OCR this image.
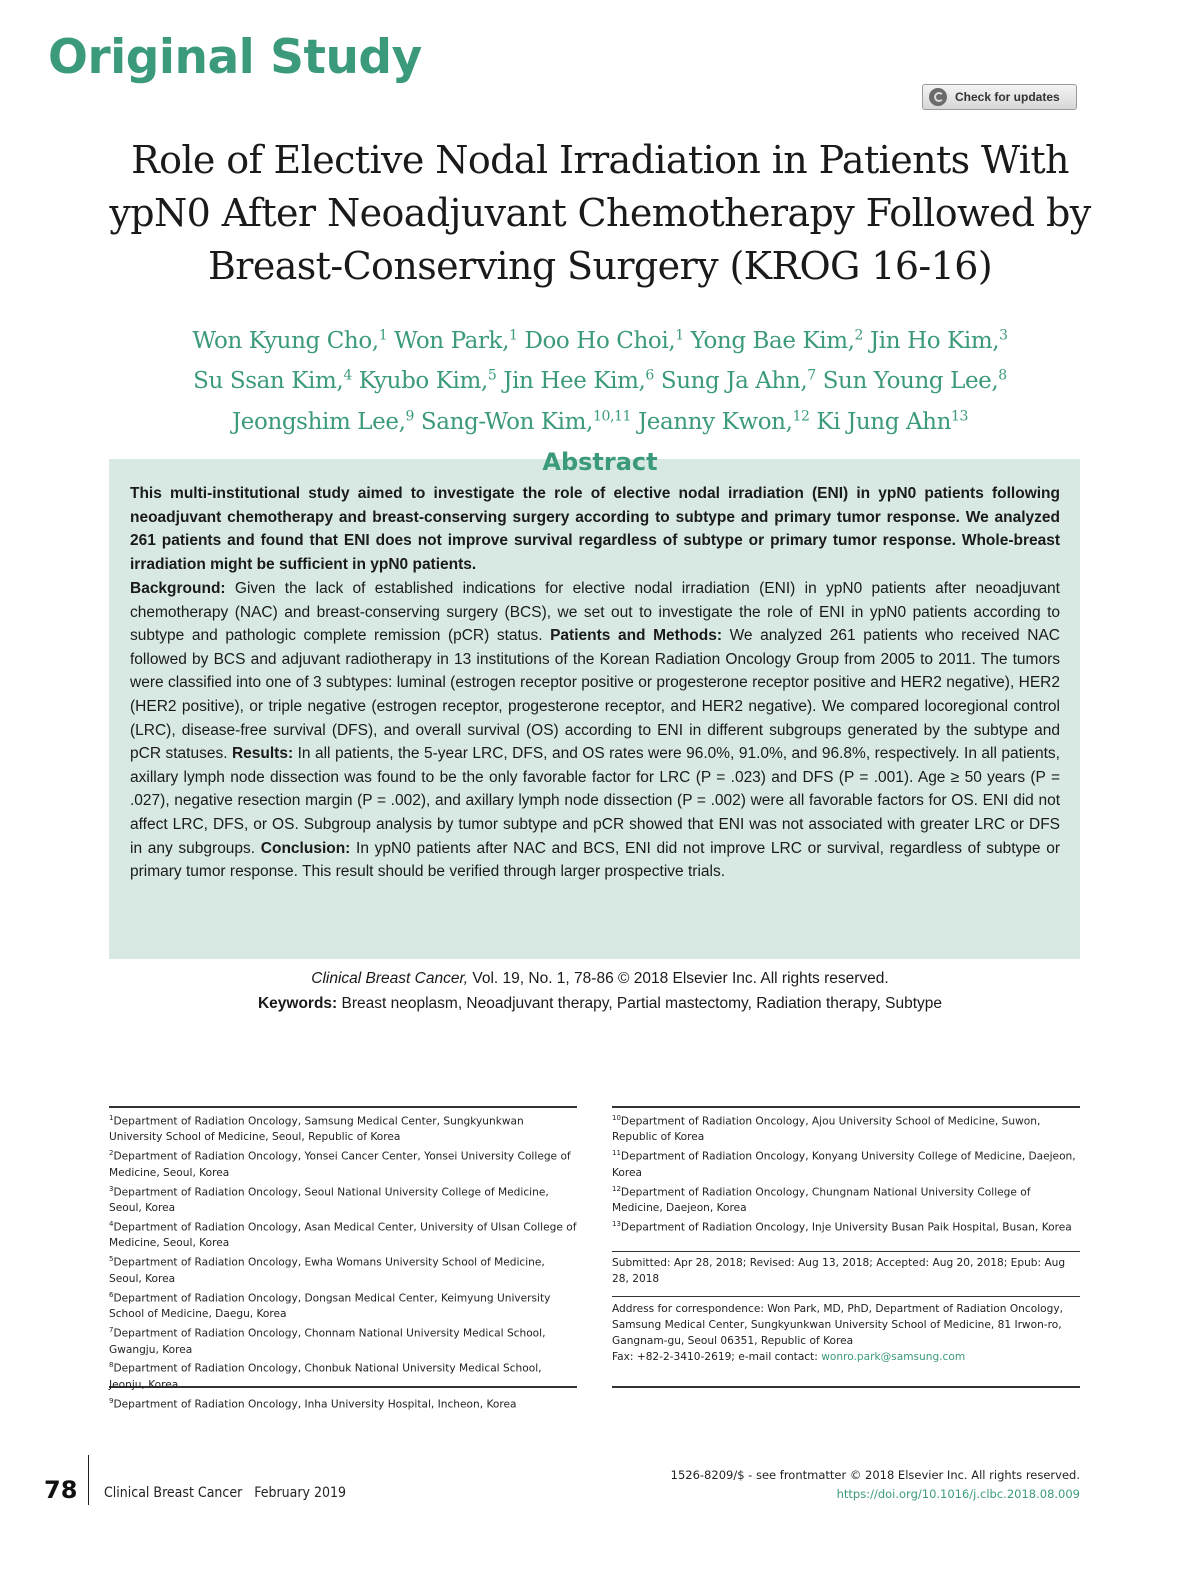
Original Study
Check for updates
Role of Elective Nodal Irradiation in Patients With ypN0 After Neoadjuvant Chemotherapy Followed by Breast-Conserving Surgery (KROG 16-16)

Won Kyung Cho,$^1$ Won Park,$^1$ Doo Ho Choi,$^1$ Yong Bae Kim,$^2$ Jin Ho Kim,$^3$
Su Ssan Kim,$^4$ Kyubo Kim,$^5$ Jin Hee Kim,$^6$ Sung Ja Ahn,$^7$ Sun Young Lee,$^8$
Jeongshim Lee,$^9$ Sang-Won Kim,$^{10,11}$ Jeanny Kwon,$^{12}$ Ki Jung Ahn$^{13}$

Abstract

This multi-institutional study aimed to investigate the role of elective nodal irradiation (ENI) in ypN0 patients following neoadjuvant chemotherapy and breast-conserving surgery according to subtype and primary tumor response. We analyzed 261 patients and found that ENI does not improve survival regardless of subtype or primary tumor response. Whole-breast irradiation might be sufficient in ypN0 patients.

Background: Given the lack of established indications for elective nodal irradiation (ENI) in ypN0 patients after neoadjuvant chemotherapy (NAC) and breast-conserving surgery (BCS), we set out to investigate the role of ENI in ypN0 patients according to subtype and pathologic complete remission (pCR) status. Patients and Methods: We analyzed 261 patients who received NAC followed by BCS and adjuvant radiotherapy in 13 institutions of the Korean Radiation Oncology Group from 2005 to 2011. The tumors were classified into one of 3 subtypes: luminal (estrogen receptor positive or progesterone receptor positive and HER2 negative), HER2 (HER2 positive), or triple negative (estrogen receptor, progesterone receptor, and HER2 negative). We compared locoregional control (LRC), disease-free survival (DFS), and overall survival (OS) according to ENI in different subgroups generated by the subtype and pCR statuses. Results: In all patients, the 5-year LRC, DFS, and OS rates were 96.0%, 91.0%, and 96.8%, respectively. In all patients, axillary lymph node dissection was found to be the only favorable factor for LRC (P = .023) and DFS (P = .001). Age ≥ 50 years (P = .027), negative resection margin (P = .002), and axillary lymph node dissection (P = .002) were all favorable factors for OS. ENI did not affect LRC, DFS, or OS. Subgroup analysis by tumor subtype and pCR showed that ENI was not associated with greater LRC or DFS in any subgroups. Conclusion: In ypN0 patients after NAC and BCS, ENI did not improve LRC or survival, regardless of subtype or primary tumor response. This result should be verified through larger prospective trials.

Clinical Breast Cancer, Vol. 19, No. 1, 78-86 © 2018 Elsevier Inc. All rights reserved.
Keywords: Breast neoplasm, Neoadjuvant therapy, Partial mastectomy, Radiation therapy, Subtype

$^1$Department of Radiation Oncology, Samsung Medical Center, Sungkyunkwan University School of Medicine, Seoul, Republic of Korea

$^2$Department of Radiation Oncology, Yonsei Cancer Center, Yonsei University College of Medicine, Seoul, Korea

$^3$Department of Radiation Oncology, Seoul National University College of Medicine, Seoul, Korea

$^4$Department of Radiation Oncology, Asan Medical Center, University of Ulsan College of Medicine, Seoul, Korea

$^5$Department of Radiation Oncology, Ewha Womans University School of Medicine, Seoul, Korea

$^6$Department of Radiation Oncology, Dongsan Medical Center, Keimyung University School of Medicine, Daegu, Korea

$^7$Department of Radiation Oncology, Chonnam National University Medical School, Gwangju, Korea

$^8$Department of Radiation Oncology, Chonbuk National University Medical School, Jeonju, Korea

$^9$Department of Radiation Oncology, Inha University Hospital, Incheon, Korea

$^{10}$Department of Radiation Oncology, Ajou University School of Medicine, Suwon, Republic of Korea

$^{11}$Department of Radiation Oncology, Konyang University College of Medicine, Daejeon, Korea

$^{12}$Department of Radiation Oncology, Chungnam National University College of Medicine, Daejeon, Korea

$^{13}$Department of Radiation Oncology, Inje University Busan Paik Hospital, Busan, Korea

Submitted: Apr 28, 2018; Revised: Aug 13, 2018; Accepted: Aug 20, 2018; Epub: Aug 28, 2018

Address for correspondence: Won Park, MD, PhD, Department of Radiation Oncology, Samsung Medical Center, Sungkyunkwan University School of Medicine, 81 Irwon-ro, Gangnam-gu, Seoul 06351, Republic of Korea

Fax: +82-2-3410-2619; e-mail contact: wonro.park@samsung.com

78 Clinical Breast Cancer   February 2019
1526-8209/$ - see frontmatter © 2018 Elsevier Inc. All rights reserved.
https://doi.org/10.1016/j.clbc.2018.08.009
